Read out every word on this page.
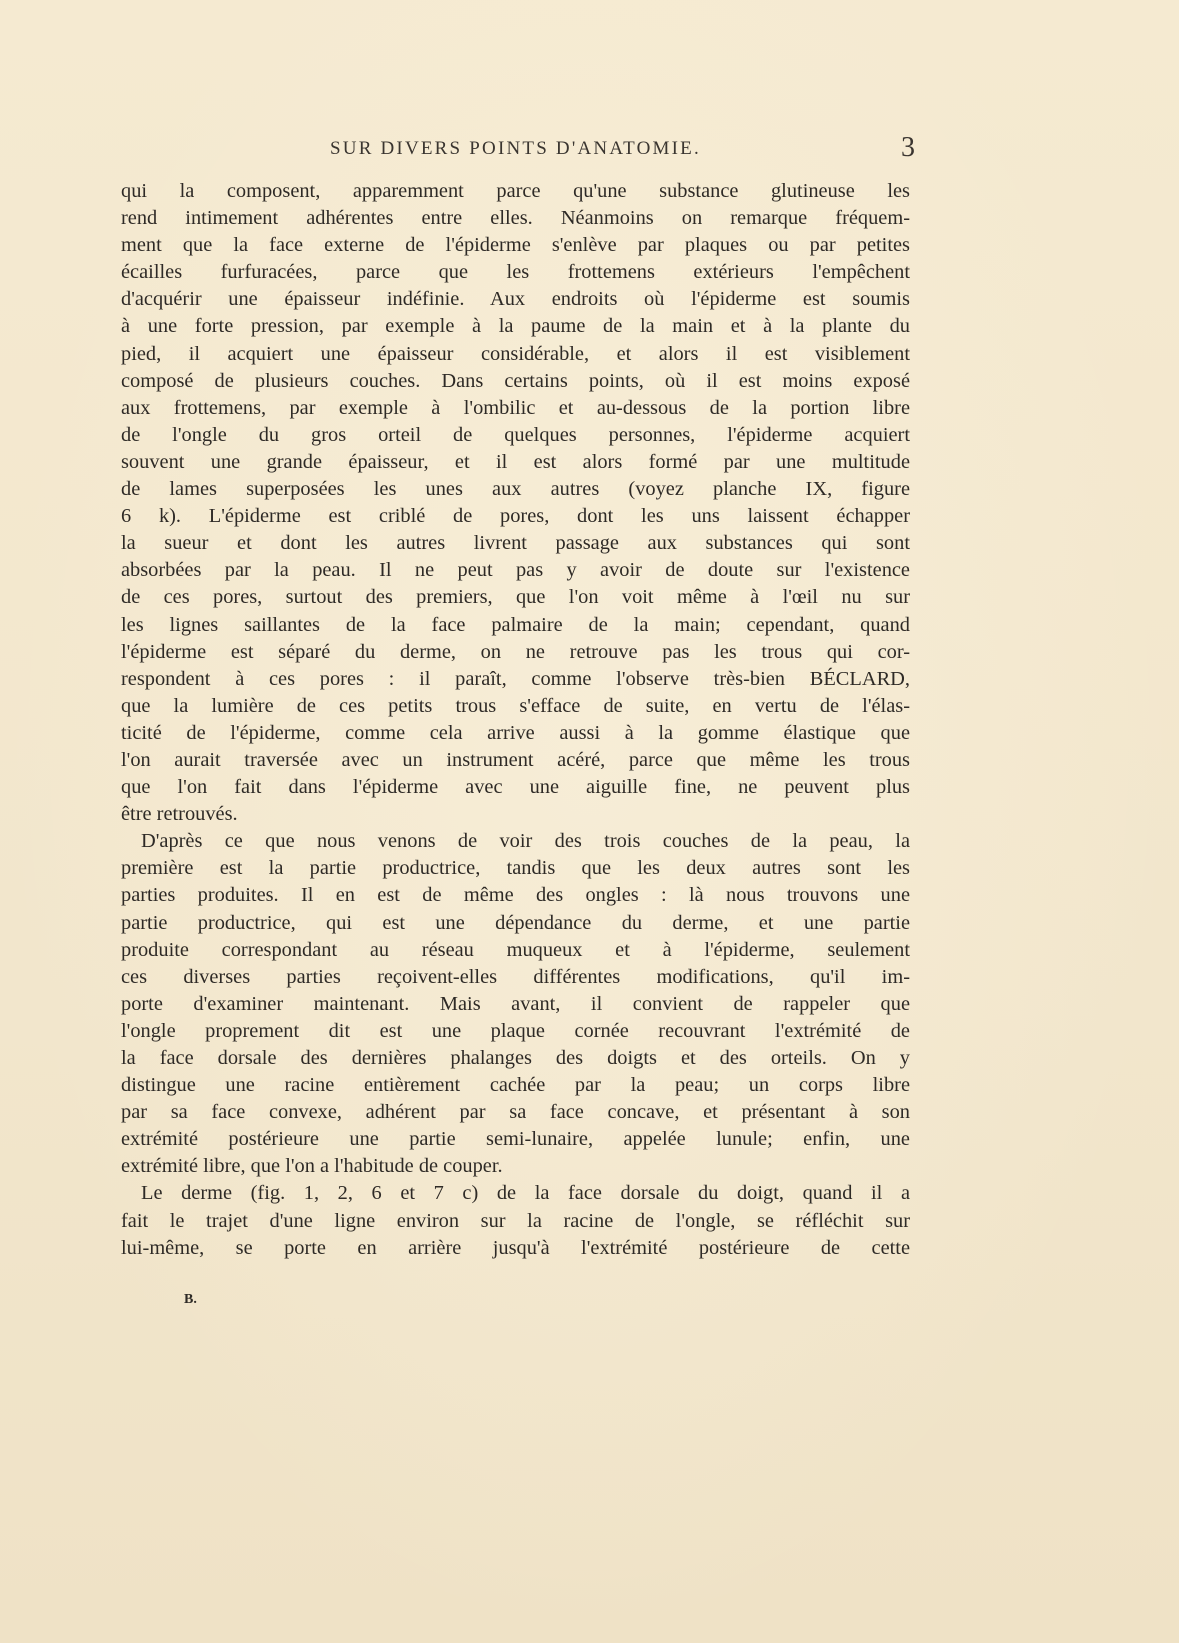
SUR DIVERS POINTS D'ANATOMIE.	3
qui la composent, apparemment parce qu'une substance glutineuse les
rend intimement adhérentes entre elles. Néanmoins on remarque fréquem-
ment que la face externe de l'épiderme s'enlève par plaques ou par petites
écailles furfuracées, parce que les frottemens extérieurs l'empêchent
d'acquérir une épaisseur indéfinie. Aux endroits où l'épiderme est soumis
à une forte pression, par exemple à la paume de la main et à la plante du
pied, il acquiert une épaisseur considérable, et alors il est visiblement
composé de plusieurs couches. Dans certains points, où il est moins exposé
aux frottemens, par exemple à l'ombilic et au-dessous de la portion libre
de l'ongle du gros orteil de quelques personnes, l'épiderme acquiert
souvent une grande épaisseur, et il est alors formé par une multitude
de lames superposées les unes aux autres (voyez planche IX, figure
6 k). L'épiderme est criblé de pores, dont les uns laissent échapper
la sueur et dont les autres livrent passage aux substances qui sont
absorbées par la peau. Il ne peut pas y avoir de doute sur l'existence
de ces pores, surtout des premiers, que l'on voit même à l'œil nu sur
les lignes saillantes de la face palmaire de la main; cependant, quand
l'épiderme est séparé du derme, on ne retrouve pas les trous qui cor-
respondent à ces pores : il paraît, comme l'observe très-bien BÉCLARD,
que la lumière de ces petits trous s'efface de suite, en vertu de l'élas-
ticité de l'épiderme, comme cela arrive aussi à la gomme élastique que
l'on aurait traversée avec un instrument acéré, parce que même les trous
que l'on fait dans l'épiderme avec une aiguille fine, ne peuvent plus
être retrouvés.
D'après ce que nous venons de voir des trois couches de la peau, la
première est la partie productrice, tandis que les deux autres sont les
parties produites. Il en est de même des ongles : là nous trouvons une
partie productrice, qui est une dépendance du derme, et une partie
produite correspondant au réseau muqueux et à l'épiderme, seulement
ces diverses parties reçoivent-elles différentes modifications, qu'il im-
porte d'examiner maintenant. Mais avant, il convient de rappeler que
l'ongle proprement dit est une plaque cornée recouvrant l'extrémité de
la face dorsale des dernières phalanges des doigts et des orteils. On y
distingue une racine entièrement cachée par la peau; un corps libre
par sa face convexe, adhérent par sa face concave, et présentant à son
extrémité postérieure une partie semi-lunaire, appelée lunule; enfin, une
extrémité libre, que l'on a l'habitude de couper.
Le derme (fig. 1, 2, 6 et 7 c) de la face dorsale du doigt, quand il a
fait le trajet d'une ligne environ sur la racine de l'ongle, se réfléchit sur
lui-même, se porte en arrière jusqu'à l'extrémité postérieure de cette
B.
